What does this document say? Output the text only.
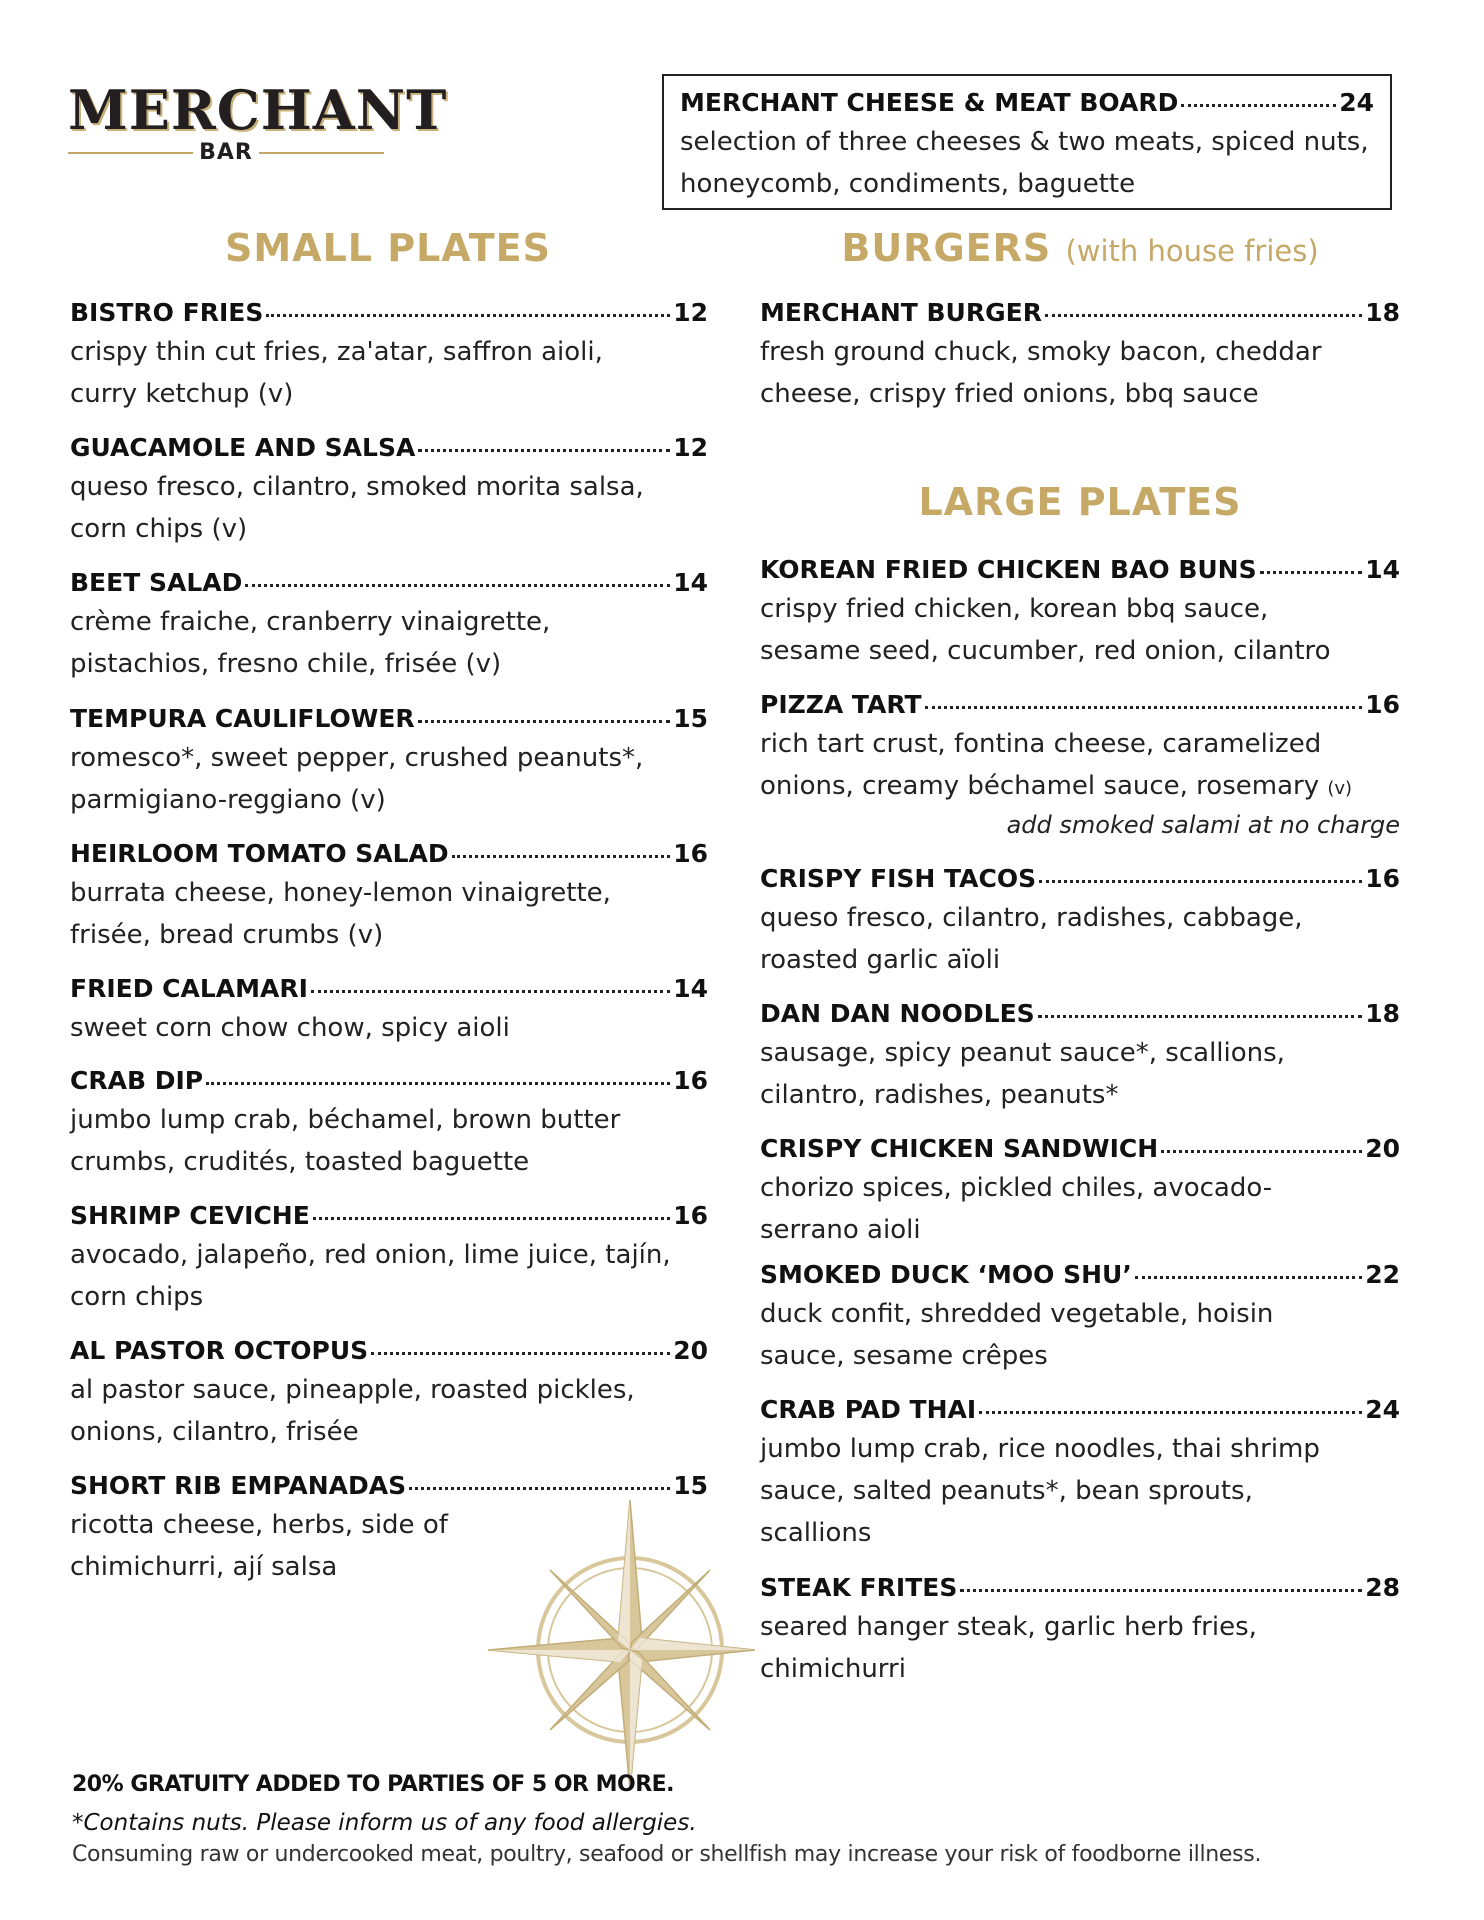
MERCHANT
BAR
MERCHANT CHEESE & MEAT BOARD	24
selection of three cheeses & two meats, spiced nuts, honeycomb, condiments, baguette
SMALL PLATES	BURGERS (with house fries)
LARGE PLATES
BISTRO FRIES	12
crispy thin cut fries, za'atar, saffron aioli,
curry ketchup (v)
GUACAMOLE AND SALSA	12
queso fresco, cilantro, smoked morita salsa,
corn chips (v)
BEET SALAD	14
crème fraiche, cranberry vinaigrette,
pistachios, fresno chile, frisée (v)
TEMPURA CAULIFLOWER	15
romesco*, sweet pepper, crushed peanuts*,
parmigiano-reggiano (v)
HEIRLOOM TOMATO SALAD	16
burrata cheese, honey-lemon vinaigrette,
frisée, bread crumbs (v)
FRIED CALAMARI	14
sweet corn chow chow, spicy aioli
CRAB DIP	16
jumbo lump crab, béchamel, brown butter
crumbs, crudités, toasted baguette
SHRIMP CEVICHE	16
avocado, jalapeño, red onion, lime juice, tajín,
corn chips
AL PASTOR OCTOPUS	20
al pastor sauce, pineapple, roasted pickles,
onions, cilantro, frisée
SHORT RIB EMPANADAS	15
ricotta cheese, herbs, side of
chimichurri, ají salsa
MERCHANT BURGER	18
fresh ground chuck, smoky bacon, cheddar
cheese, crispy fried onions, bbq sauce
KOREAN FRIED CHICKEN BAO BUNS	14
crispy fried chicken, korean bbq sauce,
sesame seed, cucumber, red onion, cilantro
PIZZA TART	16
rich tart crust, fontina cheese, caramelized
onions, creamy béchamel sauce, rosemary (v)
add smoked salami at no charge
CRISPY FISH TACOS	16
queso fresco, cilantro, radishes, cabbage,
roasted garlic aïoli
DAN DAN NOODLES	18
sausage, spicy peanut sauce*, scallions,
cilantro, radishes, peanuts*
CRISPY CHICKEN SANDWICH	20
chorizo spices, pickled chiles, avocado-
serrano aioli
SMOKED DUCK ‘MOO SHU’	22
duck confit, shredded vegetable, hoisin
sauce, sesame crêpes
CRAB PAD THAI	24
jumbo lump crab, rice noodles, thai shrimp
sauce, salted peanuts*, bean sprouts,
scallions
STEAK FRITES	28
seared hanger steak, garlic herb fries,
chimichurri
20% GRATUITY ADDED TO PARTIES OF 5 OR MORE.
*Contains nuts. Please inform us of any food allergies.
Consuming raw or undercooked meat, poultry, seafood or shellfish may increase your risk of foodborne illness.
